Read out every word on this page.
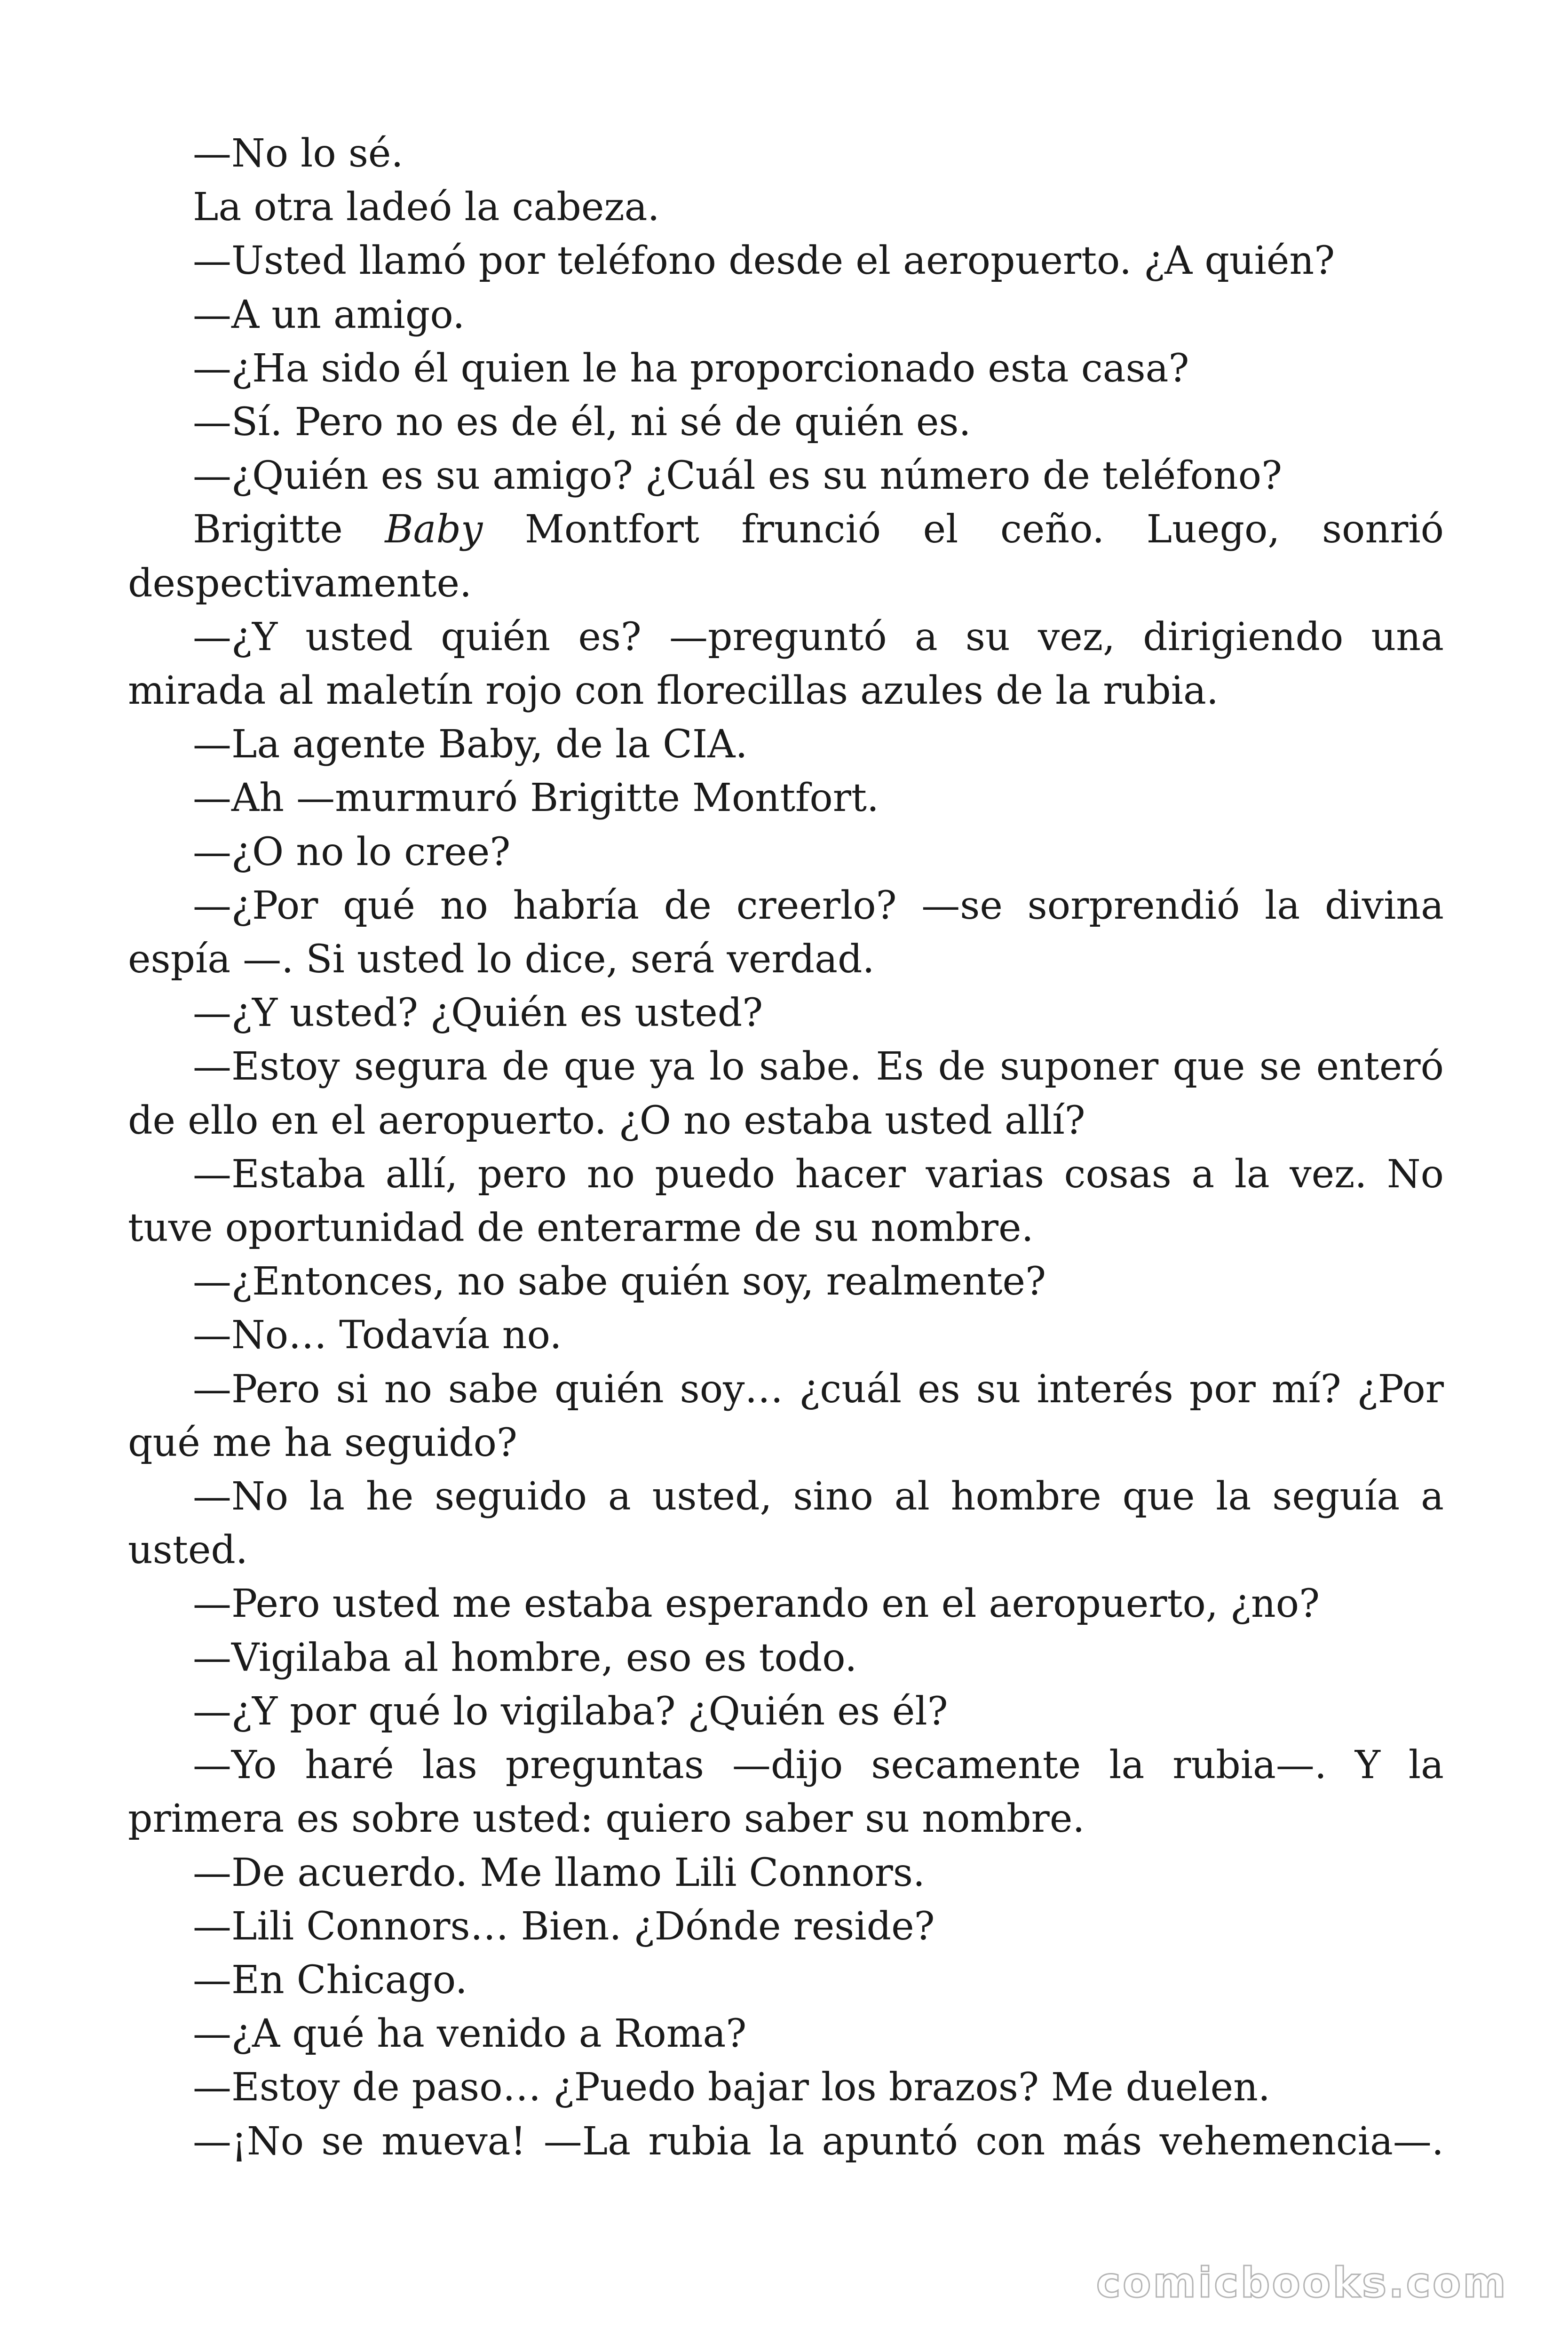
—No lo sé.

La otra ladeó la cabeza.

—Usted llamó por teléfono desde el aeropuerto. ¿A quién?

—A un amigo.

—¿Ha sido él quien le ha proporcionado esta casa?

—Sí. Pero no es de él, ni sé de quién es.

—¿Quién es su amigo? ¿Cuál es su número de teléfono?

Brigitte Baby Montfort frunció el ceño. Luego, sonrió despectivamente.

—¿Y usted quién es? —preguntó a su vez, dirigiendo una mirada al maletín rojo con florecillas azules de la rubia.

—La agente Baby, de la CIA.

—Ah —murmuró Brigitte Montfort.

—¿O no lo cree?

—¿Por qué no habría de creerlo? —se sorprendió la divina espía —. Si usted lo dice, será verdad.

—¿Y usted? ¿Quién es usted?

—Estoy segura de que ya lo sabe. Es de suponer que se enteró de ello en el aeropuerto. ¿O no estaba usted allí?

—Estaba allí, pero no puedo hacer varias cosas a la vez. No tuve oportunidad de enterarme de su nombre.

—¿Entonces, no sabe quién soy, realmente?

—No… Todavía no.

—Pero si no sabe quién soy… ¿cuál es su interés por mí? ¿Por qué me ha seguido?

—No la he seguido a usted, sino al hombre que la seguía a usted.

—Pero usted me estaba esperando en el aeropuerto, ¿no?

—Vigilaba al hombre, eso es todo.

—¿Y por qué lo vigilaba? ¿Quién es él?

—Yo haré las preguntas —dijo secamente la rubia—. Y la primera es sobre usted: quiero saber su nombre.

—De acuerdo. Me llamo Lili Connors.

—Lili Connors… Bien. ¿Dónde reside?

—En Chicago.

—¿A qué ha venido a Roma?

—Estoy de paso… ¿Puedo bajar los brazos? Me duelen.

—¡No se mueva! —La rubia la apuntó con más vehemencia—.

comicbooks.com
